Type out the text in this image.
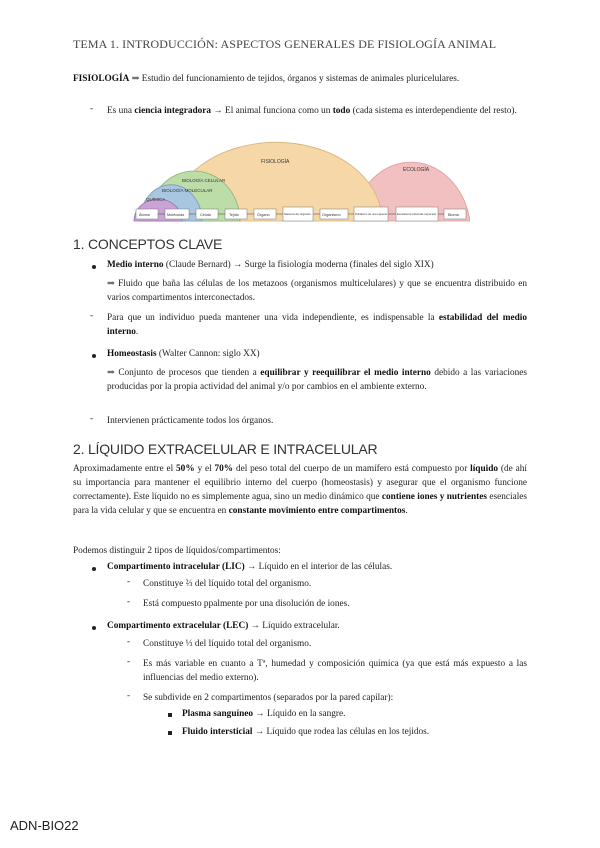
TEMA 1. INTRODUCCIÓN: ASPECTOS GENERALES DE FISIOLOGÍA ANIMAL
FISIOLOGÍA ⇒ Estudio del funcionamiento de tejidos, órganos y sistemas de animales pluricelulares.
- Es una ciencia integradora → El animal funciona como un todo (cada sistema es interdependiente del resto).
QUÍMICA
BIOLOGÍA MOLECULAR
BIOLOGÍA CELULAR
FISIOLOGÍA
ECOLOGÍA
Átomo	Moléculas	Célula	Tejido	Órgano	Sistema de órganos	Organismo	Población de una especie	Ecosistema (diversas especies)	Bioma
1. CONCEPTOS CLAVE
Medio interno (Claude Bernard) → Surge la fisiología moderna (finales del siglo XIX)
⇒ Fluido que baña las células de los metazoos (organismos multicelulares) y que se encuentra distribuido en varios compartimentos interconectados.
- Para que un individuo pueda mantener una vida independiente, es indispensable la estabilidad del medio interno.
Homeostasis (Walter Cannon: siglo XX)
⇒ Conjunto de procesos que tienden a equilibrar y reequilibrar el medio interno debido a las variaciones producidas por la propia actividad del animal y/o por cambios en el ambiente externo.
- Intervienen prácticamente todos los órganos.
2. LÍQUIDO EXTRACELULAR E INTRACELULAR
Aproximadamente entre el 50% y el 70% del peso total del cuerpo de un mamífero está compuesto por líquido (de ahí su importancia para mantener el equilibrio interno del cuerpo (homeostasis) y asegurar que el organismo funcione correctamente). Este líquido no es simplemente agua, sino un medio dinámico que contiene iones y nutrientes esenciales para la vida celular y que se encuentra en constante movimiento entre compartimentos.
Podemos distinguir 2 tipos de líquidos/compartimentos:
Compartimento intracelular (LIC) → Líquido en el interior de las células.
- Constituye ⅔ del líquido total del organismo.
- Está compuesto ppalmente por una disolución de iones.
Compartimento extracelular (LEC) → Líquido extracelular.
- Constituye ⅓ del líquido total del organismo.
- Es más variable en cuanto a Tª, humedad y composición química (ya que está más expuesto a las influencias del medio externo).
- Se subdivide en 2 compartimentos (separados por la pared capilar):
Plasma sanguíneo → Líquido en la sangre.
Fluido intersticial → Líquido que rodea las células en los tejidos.
ADN-BIO22
